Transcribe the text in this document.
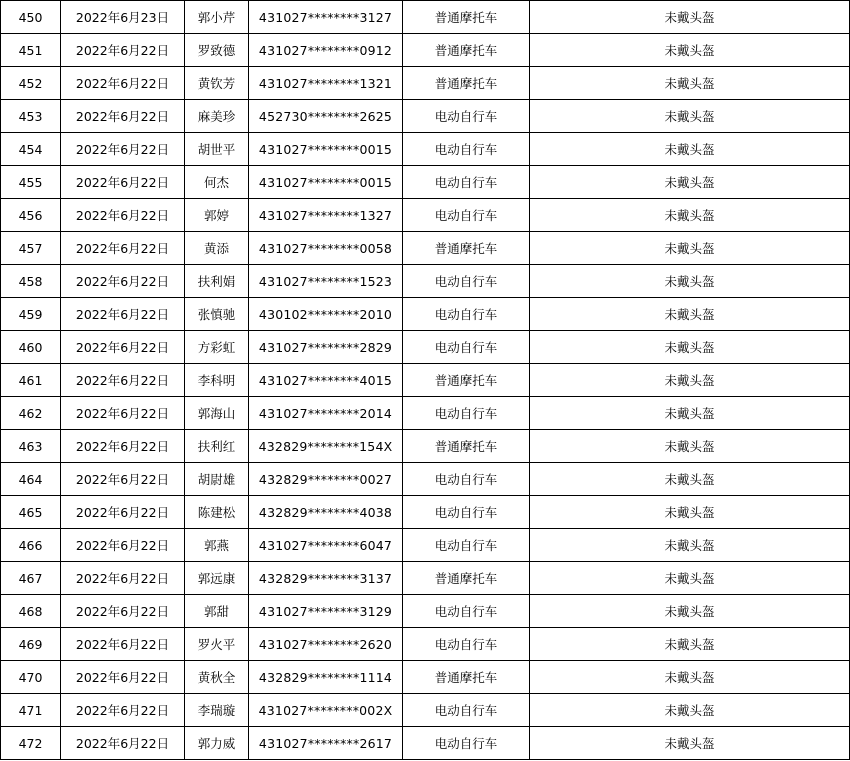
450	2022年6月23日	郭小芹	431027********3127	普通摩托车	未戴头盔
451	2022年6月22日	罗致德	431027********0912	普通摩托车	未戴头盔
452	2022年6月22日	黄钦芳	431027********1321	普通摩托车	未戴头盔
453	2022年6月22日	麻美珍	452730********2625	电动自行车	未戴头盔
454	2022年6月22日	胡世平	431027********0015	电动自行车	未戴头盔
455	2022年6月22日	何杰	431027********0015	电动自行车	未戴头盔
456	2022年6月22日	郭婷	431027********1327	电动自行车	未戴头盔
457	2022年6月22日	黄添	431027********0058	普通摩托车	未戴头盔
458	2022年6月22日	扶利娟	431027********1523	电动自行车	未戴头盔
459	2022年6月22日	张慎驰	430102********2010	电动自行车	未戴头盔
460	2022年6月22日	方彩虹	431027********2829	电动自行车	未戴头盔
461	2022年6月22日	李科明	431027********4015	普通摩托车	未戴头盔
462	2022年6月22日	郭海山	431027********2014	电动自行车	未戴头盔
463	2022年6月22日	扶利红	432829********154X	普通摩托车	未戴头盔
464	2022年6月22日	胡尉雄	432829********0027	电动自行车	未戴头盔
465	2022年6月22日	陈建松	432829********4038	电动自行车	未戴头盔
466	2022年6月22日	郭燕	431027********6047	电动自行车	未戴头盔
467	2022年6月22日	郭远康	432829********3137	普通摩托车	未戴头盔
468	2022年6月22日	郭甜	431027********3129	电动自行车	未戴头盔
469	2022年6月22日	罗火平	431027********2620	电动自行车	未戴头盔
470	2022年6月22日	黄秋全	432829********1114	普通摩托车	未戴头盔
471	2022年6月22日	李瑞璇	431027********002X	电动自行车	未戴头盔
472	2022年6月22日	郭力威	431027********2617	电动自行车	未戴头盔
